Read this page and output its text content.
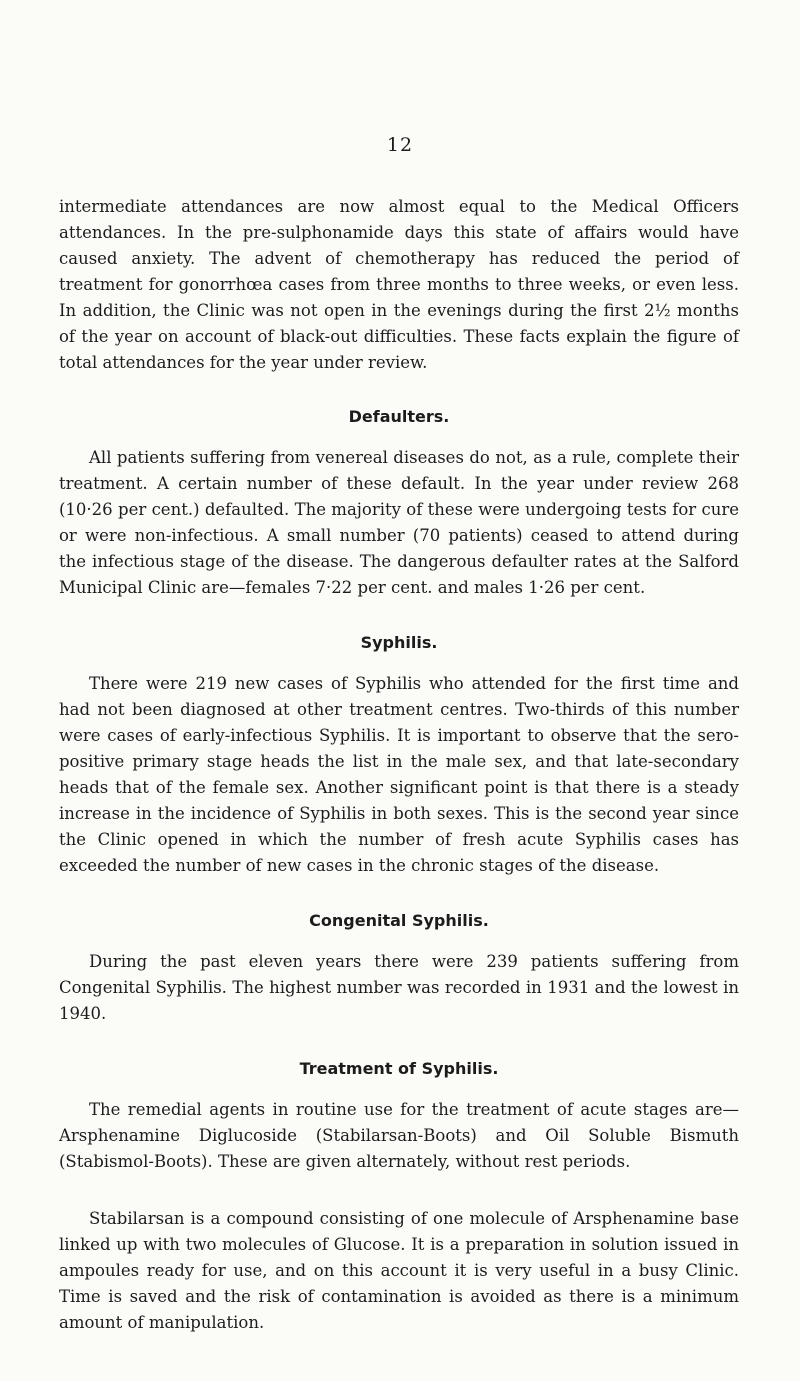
12

intermediate attendances are now almost equal to the Medical Officers attendances. In the pre-sulphonamide days this state of affairs would have caused anxiety. The advent of chemotherapy has reduced the period of treatment for gonorrhœa cases from three months to three weeks, or even less. In addition, the Clinic was not open in the evenings during the first 2½ months of the year on account of black-out difficulties. These facts explain the figure of total attendances for the year under review.

Defaulters.

All patients suffering from venereal diseases do not, as a rule, complete their treatment. A certain number of these default. In the year under review 268 (10·26 per cent.) defaulted. The majority of these were undergoing tests for cure or were non-infectious. A small number (70 patients) ceased to attend during the infectious stage of the disease. The dangerous defaulter rates at the Salford Municipal Clinic are—females 7·22 per cent. and males 1·26 per cent.

Syphilis.

There were 219 new cases of Syphilis who attended for the first time and had not been diagnosed at other treatment centres. Two-thirds of this number were cases of early-infectious Syphilis. It is important to observe that the sero-positive primary stage heads the list in the male sex, and that late-secondary heads that of the female sex. Another significant point is that there is a steady increase in the incidence of Syphilis in both sexes. This is the second year since the Clinic opened in which the number of fresh acute Syphilis cases has exceeded the number of new cases in the chronic stages of the disease.

Congenital Syphilis.

During the past eleven years there were 239 patients suffering from Congenital Syphilis. The highest number was recorded in 1931 and the lowest in 1940.

Treatment of Syphilis.

The remedial agents in routine use for the treatment of acute stages are—Arsphenamine Diglucoside (Stabilarsan-Boots) and Oil Soluble Bismuth (Stabismol-Boots). These are given alternately, without rest periods.

Stabilarsan is a compound consisting of one molecule of Arsphenamine base linked up with two molecules of Glucose. It is a preparation in solution issued in ampoules ready for use, and on this account it is very useful in a busy Clinic. Time is saved and the risk of contamination is avoided as there is a minimum amount of manipulation.
